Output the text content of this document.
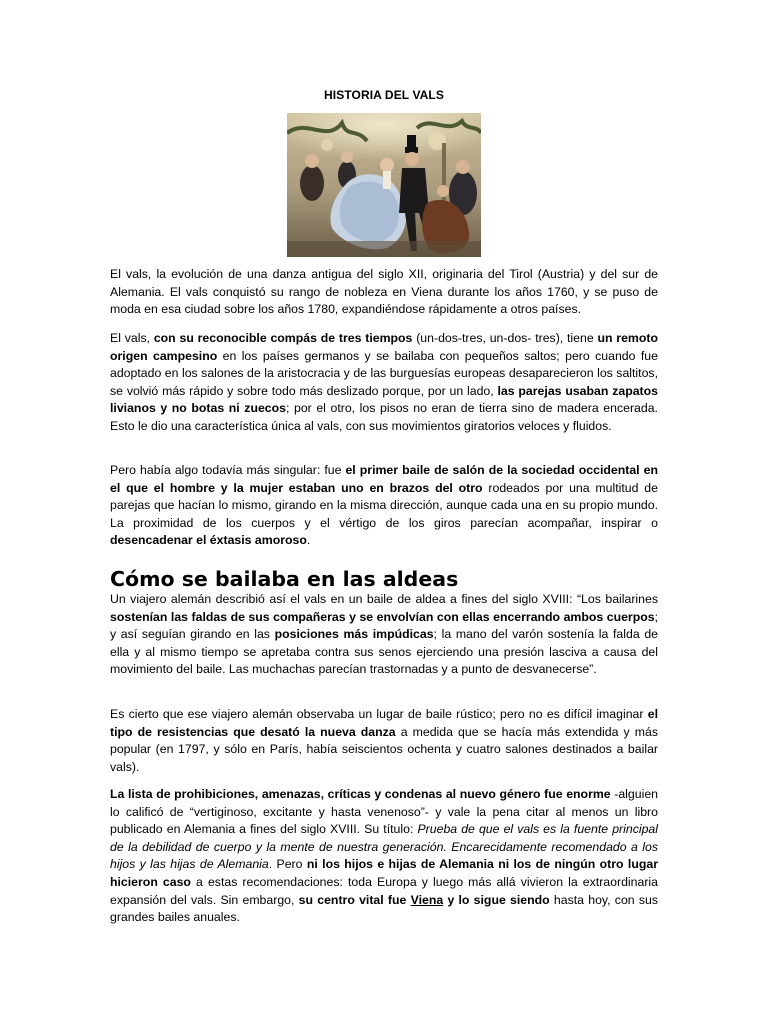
HISTORIA DEL VALS
El vals, la evolución de una danza antigua del siglo XII, originaria del Tirol (Austria) y del sur de Alemania. El vals conquistó su rango de nobleza en Viena durante los años 1760, y se puso de moda en esa ciudad sobre los años 1780, expandiéndose rápidamente a otros países.
El vals, con su reconocible compás de tres tiempos (un-dos-tres, un-dos- tres), tiene un remoto origen campesino en los países germanos y se bailaba con pequeños saltos; pero cuando fue adoptado en los salones de la aristocracia y de las burguesías europeas desaparecieron los saltitos, se volvió más rápido y sobre todo más deslizado porque, por un lado, las parejas usaban zapatos livianos y no botas ni zuecos; por el otro, los pisos no eran de tierra sino de madera encerada. Esto le dio una característica única al vals, con sus movimientos giratorios veloces y fluidos.
Pero había algo todavía más singular: fue el primer baile de salón de la sociedad occidental en el que el hombre y la mujer estaban uno en brazos del otro rodeados por una multitud de parejas que hacían lo mismo, girando en la misma dirección, aunque cada una en su propio mundo. La proximidad de los cuerpos y el vértigo de los giros parecían acompañar, inspirar o desencadenar el éxtasis amoroso.
Cómo se bailaba en las aldeas
Un viajero alemán describió así el vals en un baile de aldea a fines del siglo XVIII: “Los bailarines sostenían las faldas de sus compañeras y se envolvían con ellas encerrando ambos cuerpos; y así seguían girando en las posiciones más impúdicas; la mano del varón sostenía la falda de ella y al mismo tiempo se apretaba contra sus senos ejerciendo una presión lasciva a causa del movimiento del baile. Las muchachas parecían trastornadas y a punto de desvanecerse”.
Es cierto que ese viajero alemán observaba un lugar de baile rústico; pero no es difícil imaginar el tipo de resistencias que desató la nueva danza a medida que se hacía más extendida y más popular (en 1797, y sólo en París, había seiscientos ochenta y cuatro salones destinados a bailar vals).
La lista de prohibiciones, amenazas, críticas y condenas al nuevo género fue enorme -alguien lo calificó de “vertiginoso, excitante y hasta venenoso”- y vale la pena citar al menos un libro publicado en Alemania a fines del siglo XVIII. Su título: Prueba de que el vals es la fuente principal de la debilidad de cuerpo y la mente de nuestra generación. Encarecidamente recomendado a los hijos y las hijas de Alemania. Pero ni los hijos e hijas de Alemania ni los de ningún otro lugar hicieron caso a estas recomendaciones: toda Europa y luego más allá vivieron la extraordinaria expansión del vals. Sin embargo, su centro vital fue Viena y lo sigue siendo hasta hoy, con sus grandes bailes anuales.
